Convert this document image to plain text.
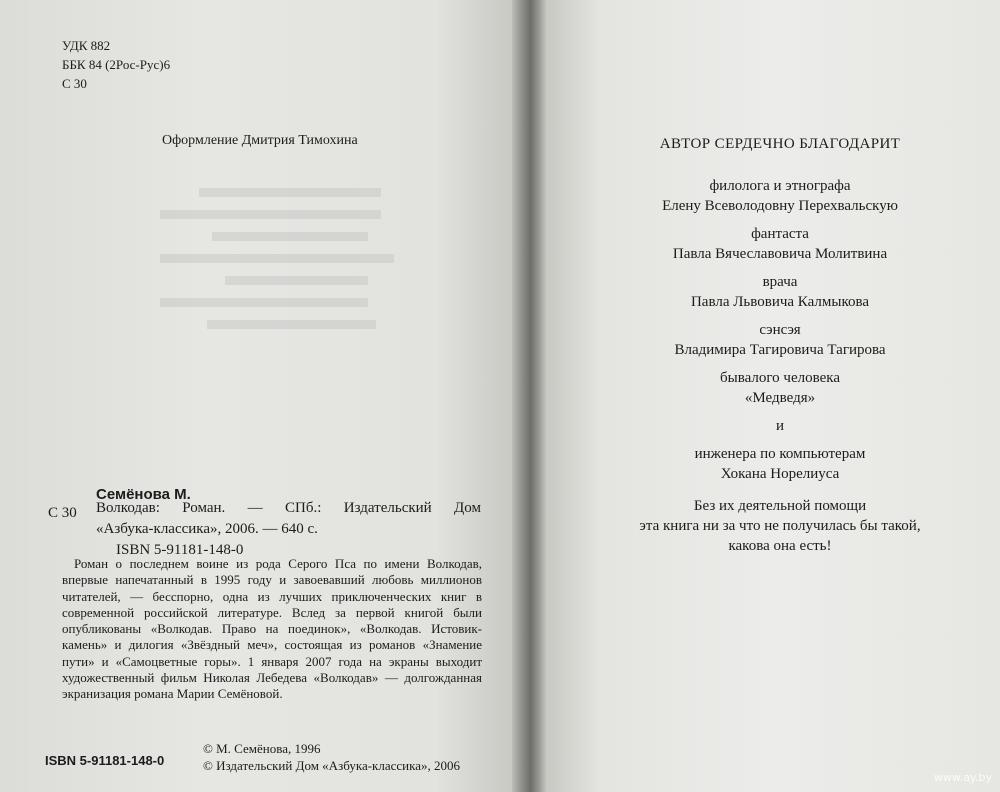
УДК 882
ББК 84 (2Рос-Рус)6
С 30
Оформление Дмитрия Тимохина
Семёнова М.
С 30 Волкодав: Роман. — СПб.: Издательский Дом
«Азбука-классика», 2006. — 640 с.
ISBN 5-91181-148-0
Роман о последнем воине из рода Серого Пса по имени Волкодав, впервые напечатанный в 1995 году и завоевавший любовь миллионов читателей, — бесспорно, одна из лучших приключенческих книг в современной российской литературе. Вслед за первой книгой были опубликованы «Волкодав. Право на поединок», «Волкодав. Истовик-камень» и дилогия «Звёздный меч», состоящая из романов «Знамение пути» и «Самоцветные горы». 1 января 2007 года на экраны выходит художественный фильм Николая Лебедева «Волкодав» — долгожданная экранизация романа Марии Семёновой.
ISBN 5-91181-148-0
© М. Семёнова, 1996
© Издательский Дом «Азбука-классика», 2006
АВТОР СЕРДЕЧНО БЛАГОДАРИТ
филолога и этнографа
Елену Всеволодовну Перехвальскую
фантаста
Павла Вячеславовича Молитвина
врача
Павла Львовича Калмыкова
сэнсэя
Владимира Тагировича Тагирова
бывалого человека
«Медведя»
и
инженера по компьютерам
Хокана Норелиуса
Без их деятельной помощи
эта книга ни за что не получилась бы такой,
какова она есть!
www.ay.by
